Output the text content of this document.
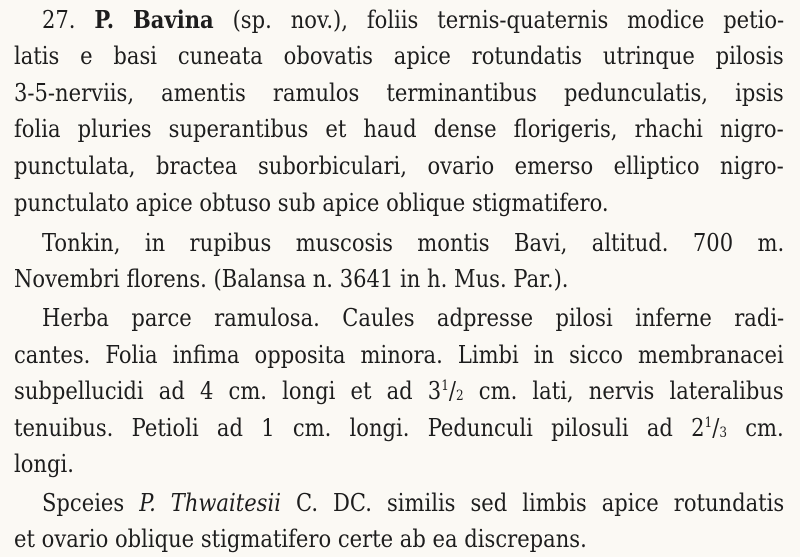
27. P. Bavina (sp. nov.), foliis ternis-quaternis modice petio-
latis e basi cuneata obovatis apice rotundatis utrinque pilosis
3-5-nerviis, amentis ramulos terminantibus pedunculatis, ipsis
folia pluries superantibus et haud dense florigeris, rhachi nigro-
punctulata, bractea suborbiculari, ovario emerso elliptico nigro-
punctulato apice obtuso sub apice oblique stigmatifero.
Tonkin, in rupibus muscosis montis Bavi, altitud. 700 m.
Novembri florens. (Balansa n. 3641 in h. Mus. Par.).
Herba parce ramulosa. Caules adpresse pilosi inferne radi-
cantes. Folia infima opposita minora. Limbi in sicco membranacei
subpellucidi ad 4 cm. longi et ad $3^1/_2$ cm. lati, nervis lateralibus
tenuibus. Petioli ad 1 cm. longi. Pedunculi pilosuli ad $2^1/_3$ cm.
longi.
Spceies P. Thwaitesii C. DC. similis sed limbis apice rotundatis
et ovario oblique stigmatifero certe ab ea discrepans.
